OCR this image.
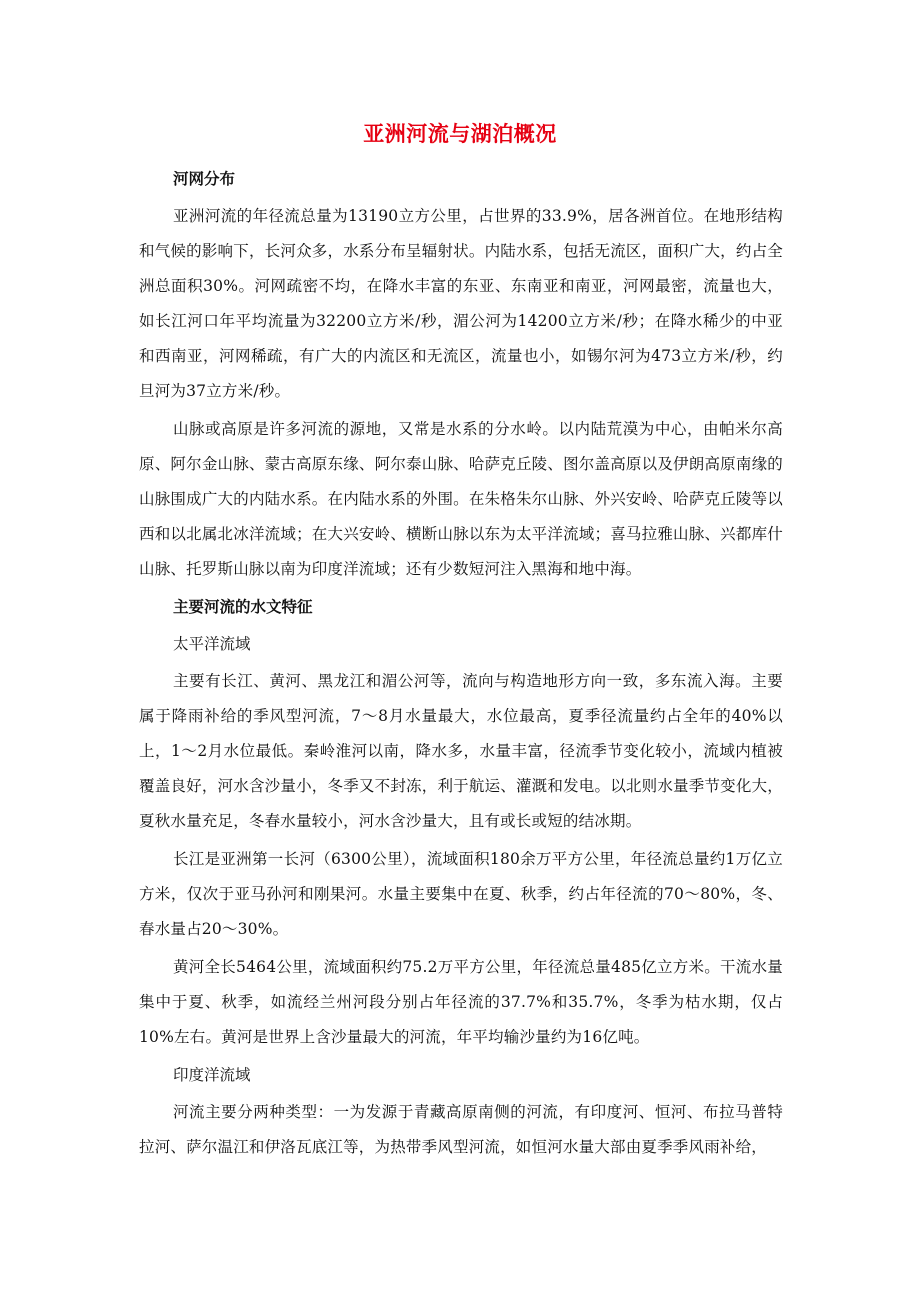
亚洲河流与湖泊概况

河网分布

亚洲河流的年径流总量为13190立方公里，占世界的33.9%，居各洲首位。在地形结构和气候的影响下，长河众多，水系分布呈辐射状。内陆水系，包括无流区，面积广大，约占全洲总面积30%。河网疏密不均，在降水丰富的东亚、东南亚和南亚，河网最密，流量也大，如长江河口年平均流量为32200立方米/秒，湄公河为14200立方米/秒；在降水稀少的中亚和西南亚，河网稀疏，有广大的内流区和无流区，流量也小，如锡尔河为473立方米/秒，约旦河为37立方米/秒。

山脉或高原是许多河流的源地，又常是水系的分水岭。以内陆荒漠为中心，由帕米尔高原、阿尔金山脉、蒙古高原东缘、阿尔泰山脉、哈萨克丘陵、图尔盖高原以及伊朗高原南缘的山脉围成广大的内陆水系。在内陆水系的外围。在朱格朱尔山脉、外兴安岭、哈萨克丘陵等以西和以北属北冰洋流域；在大兴安岭、横断山脉以东为太平洋流域；喜马拉雅山脉、兴都库什山脉、托罗斯山脉以南为印度洋流域；还有少数短河注入黑海和地中海。

主要河流的水文特征

太平洋流域

主要有长江、黄河、黑龙江和湄公河等，流向与构造地形方向一致，多东流入海。主要属于降雨补给的季风型河流，7～8月水量最大，水位最高，夏季径流量约占全年的40%以上，1～2月水位最低。秦岭淮河以南，降水多，水量丰富，径流季节变化较小，流域内植被覆盖良好，河水含沙量小，冬季又不封冻，利于航运、灌溉和发电。以北则水量季节变化大，夏秋水量充足，冬春水量较小，河水含沙量大，且有或长或短的结冰期。

长江是亚洲第一长河（6300公里），流域面积180余万平方公里，年径流总量约1万亿立方米，仅次于亚马孙河和刚果河。水量主要集中在夏、秋季，约占年径流的70～80%，冬、春水量占20～30%。

黄河全长5464公里，流域面积约75.2万平方公里，年径流总量485亿立方米。干流水量集中于夏、秋季，如流经兰州河段分别占年径流的37.7%和35.7%，冬季为枯水期，仅占10%左右。黄河是世界上含沙量最大的河流，年平均输沙量约为16亿吨。

印度洋流域

河流主要分两种类型：一为发源于青藏高原南侧的河流，有印度河、恒河、布拉马普特拉河、萨尔温江和伊洛瓦底江等，为热带季风型河流，如恒河水量大部由夏季季风雨补给，
